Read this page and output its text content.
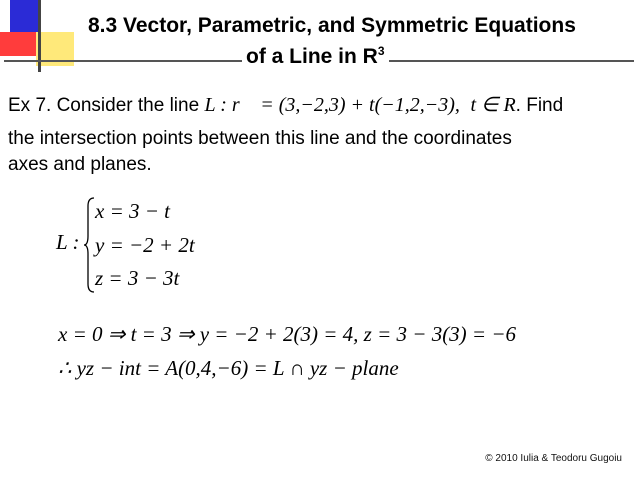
8.3 Vector, Parametric, and Symmetric Equations
of a Line in $R^3$
Ex 7. Consider the line L : r⃗ = (3,−2,3) + t(−1,2,−3), t ∈ R. Find
the intersection points between this line and the coordinates
axes and planes.
L :
x = 3 − t
y = −2 + 2t
z = 3 − 3t
x = 0 ⇒ t = 3 ⇒ y = −2 + 2(3) = 4, z = 3 − 3(3) = −6
∴ yz − int = A(0,4,−6) = L ∩ yz − plane
© 2010 Iulia & Teodoru Gugoiu
